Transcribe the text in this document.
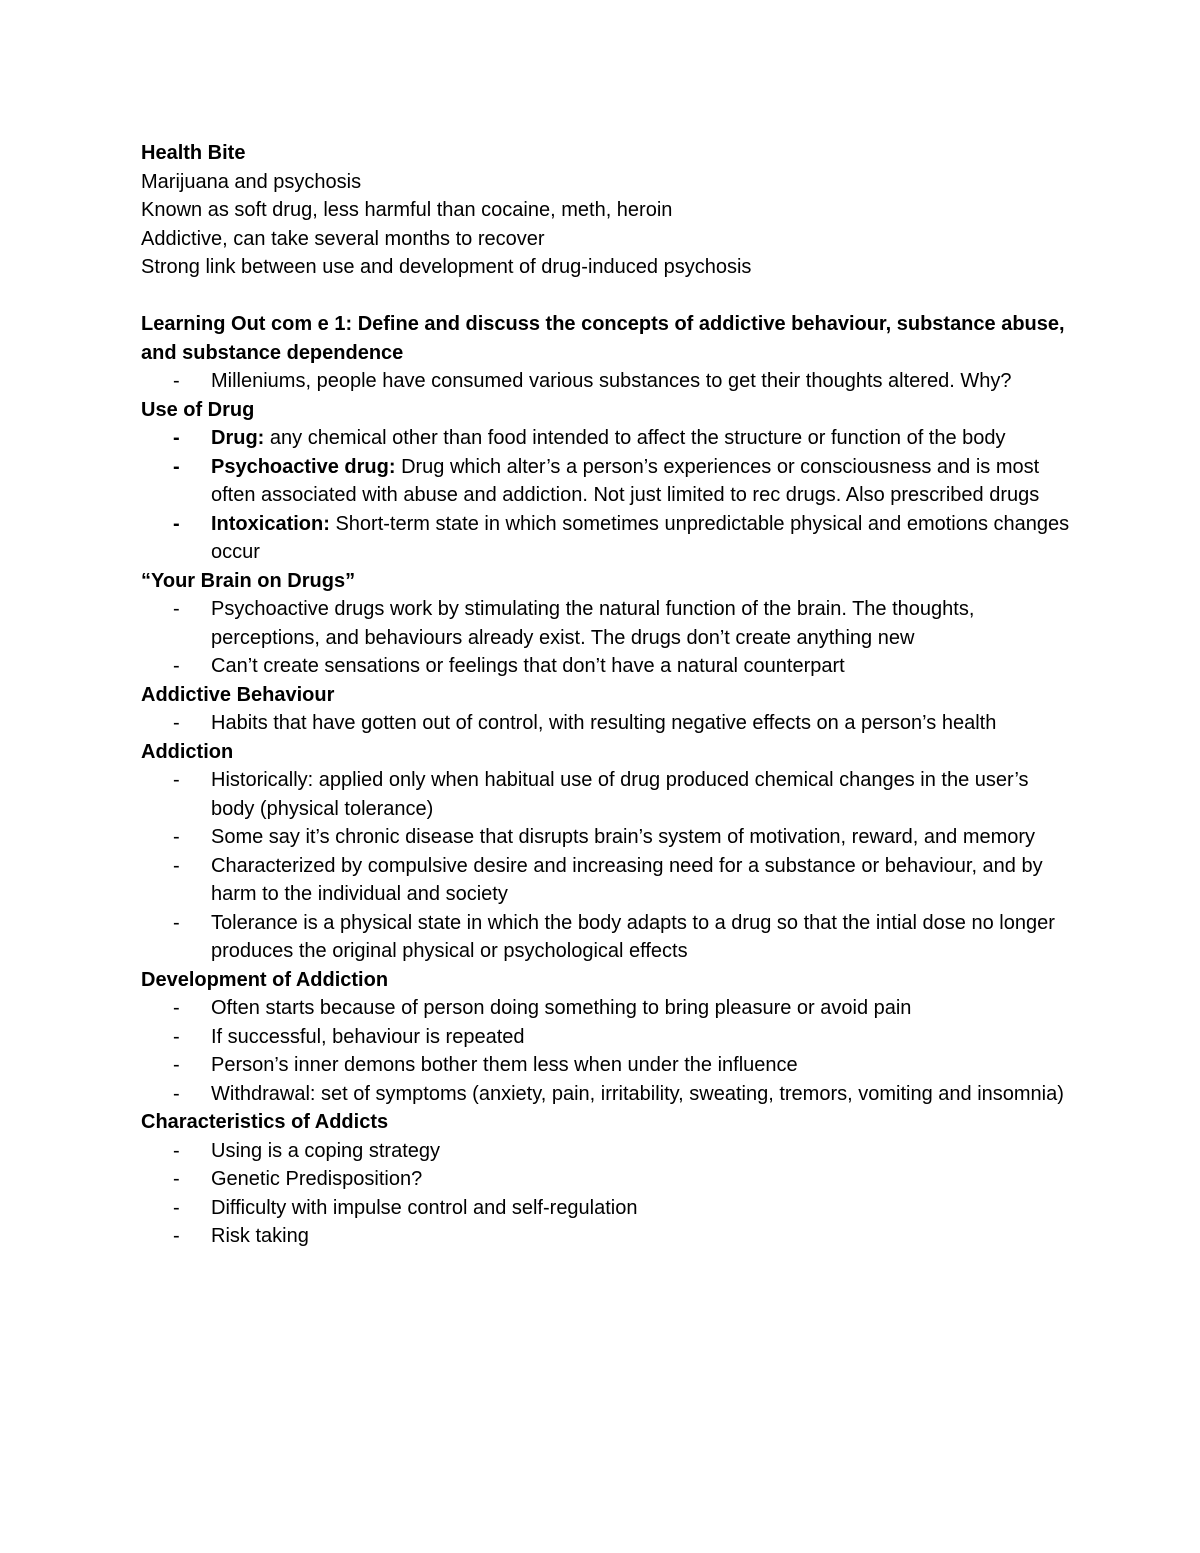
Health Bite
Marijuana and psychosis
Known as soft drug, less harmful than cocaine, meth, heroin
Addictive, can take several months to recover
Strong link between use and development of drug-induced psychosis
Learning Out com e 1: Define and discuss the concepts of addictive behaviour, substance abuse, and substance dependence
- Milleniums, people have consumed various substances to get their thoughts altered. Why?
Use of Drug
- Drug: any chemical other than food intended to affect the structure or function of the body
- Psychoactive drug: Drug which alter’s a person’s experiences or consciousness and is most often associated with abuse and addiction. Not just limited to rec drugs. Also prescribed drugs
- Intoxication: Short-term state in which sometimes unpredictable physical and emotions changes occur
“Your Brain on Drugs”
- Psychoactive drugs work by stimulating the natural function of the brain. The thoughts, perceptions, and behaviours already exist. The drugs don’t create anything new
- Can’t create sensations or feelings that don’t have a natural counterpart
Addictive Behaviour
- Habits that have gotten out of control, with resulting negative effects on a person’s health
Addiction
- Historically: applied only when habitual use of drug produced chemical changes in the user’s body (physical tolerance)
- Some say it’s chronic disease that disrupts brain’s system of motivation, reward, and memory
- Characterized by compulsive desire and increasing need for a substance or behaviour, and by harm to the individual and society
- Tolerance is a physical state in which the body adapts to a drug so that the intial dose no longer produces the original physical or psychological effects
Development of Addiction
- Often starts because of person doing something to bring pleasure or avoid pain
- If successful, behaviour is repeated
- Person’s inner demons bother them less when under the influence
- Withdrawal: set of symptoms (anxiety, pain, irritability, sweating, tremors, vomiting and insomnia)
Characteristics of Addicts
- Using is a coping strategy
- Genetic Predisposition?
- Difficulty with impulse control and self-regulation
- Risk taking
